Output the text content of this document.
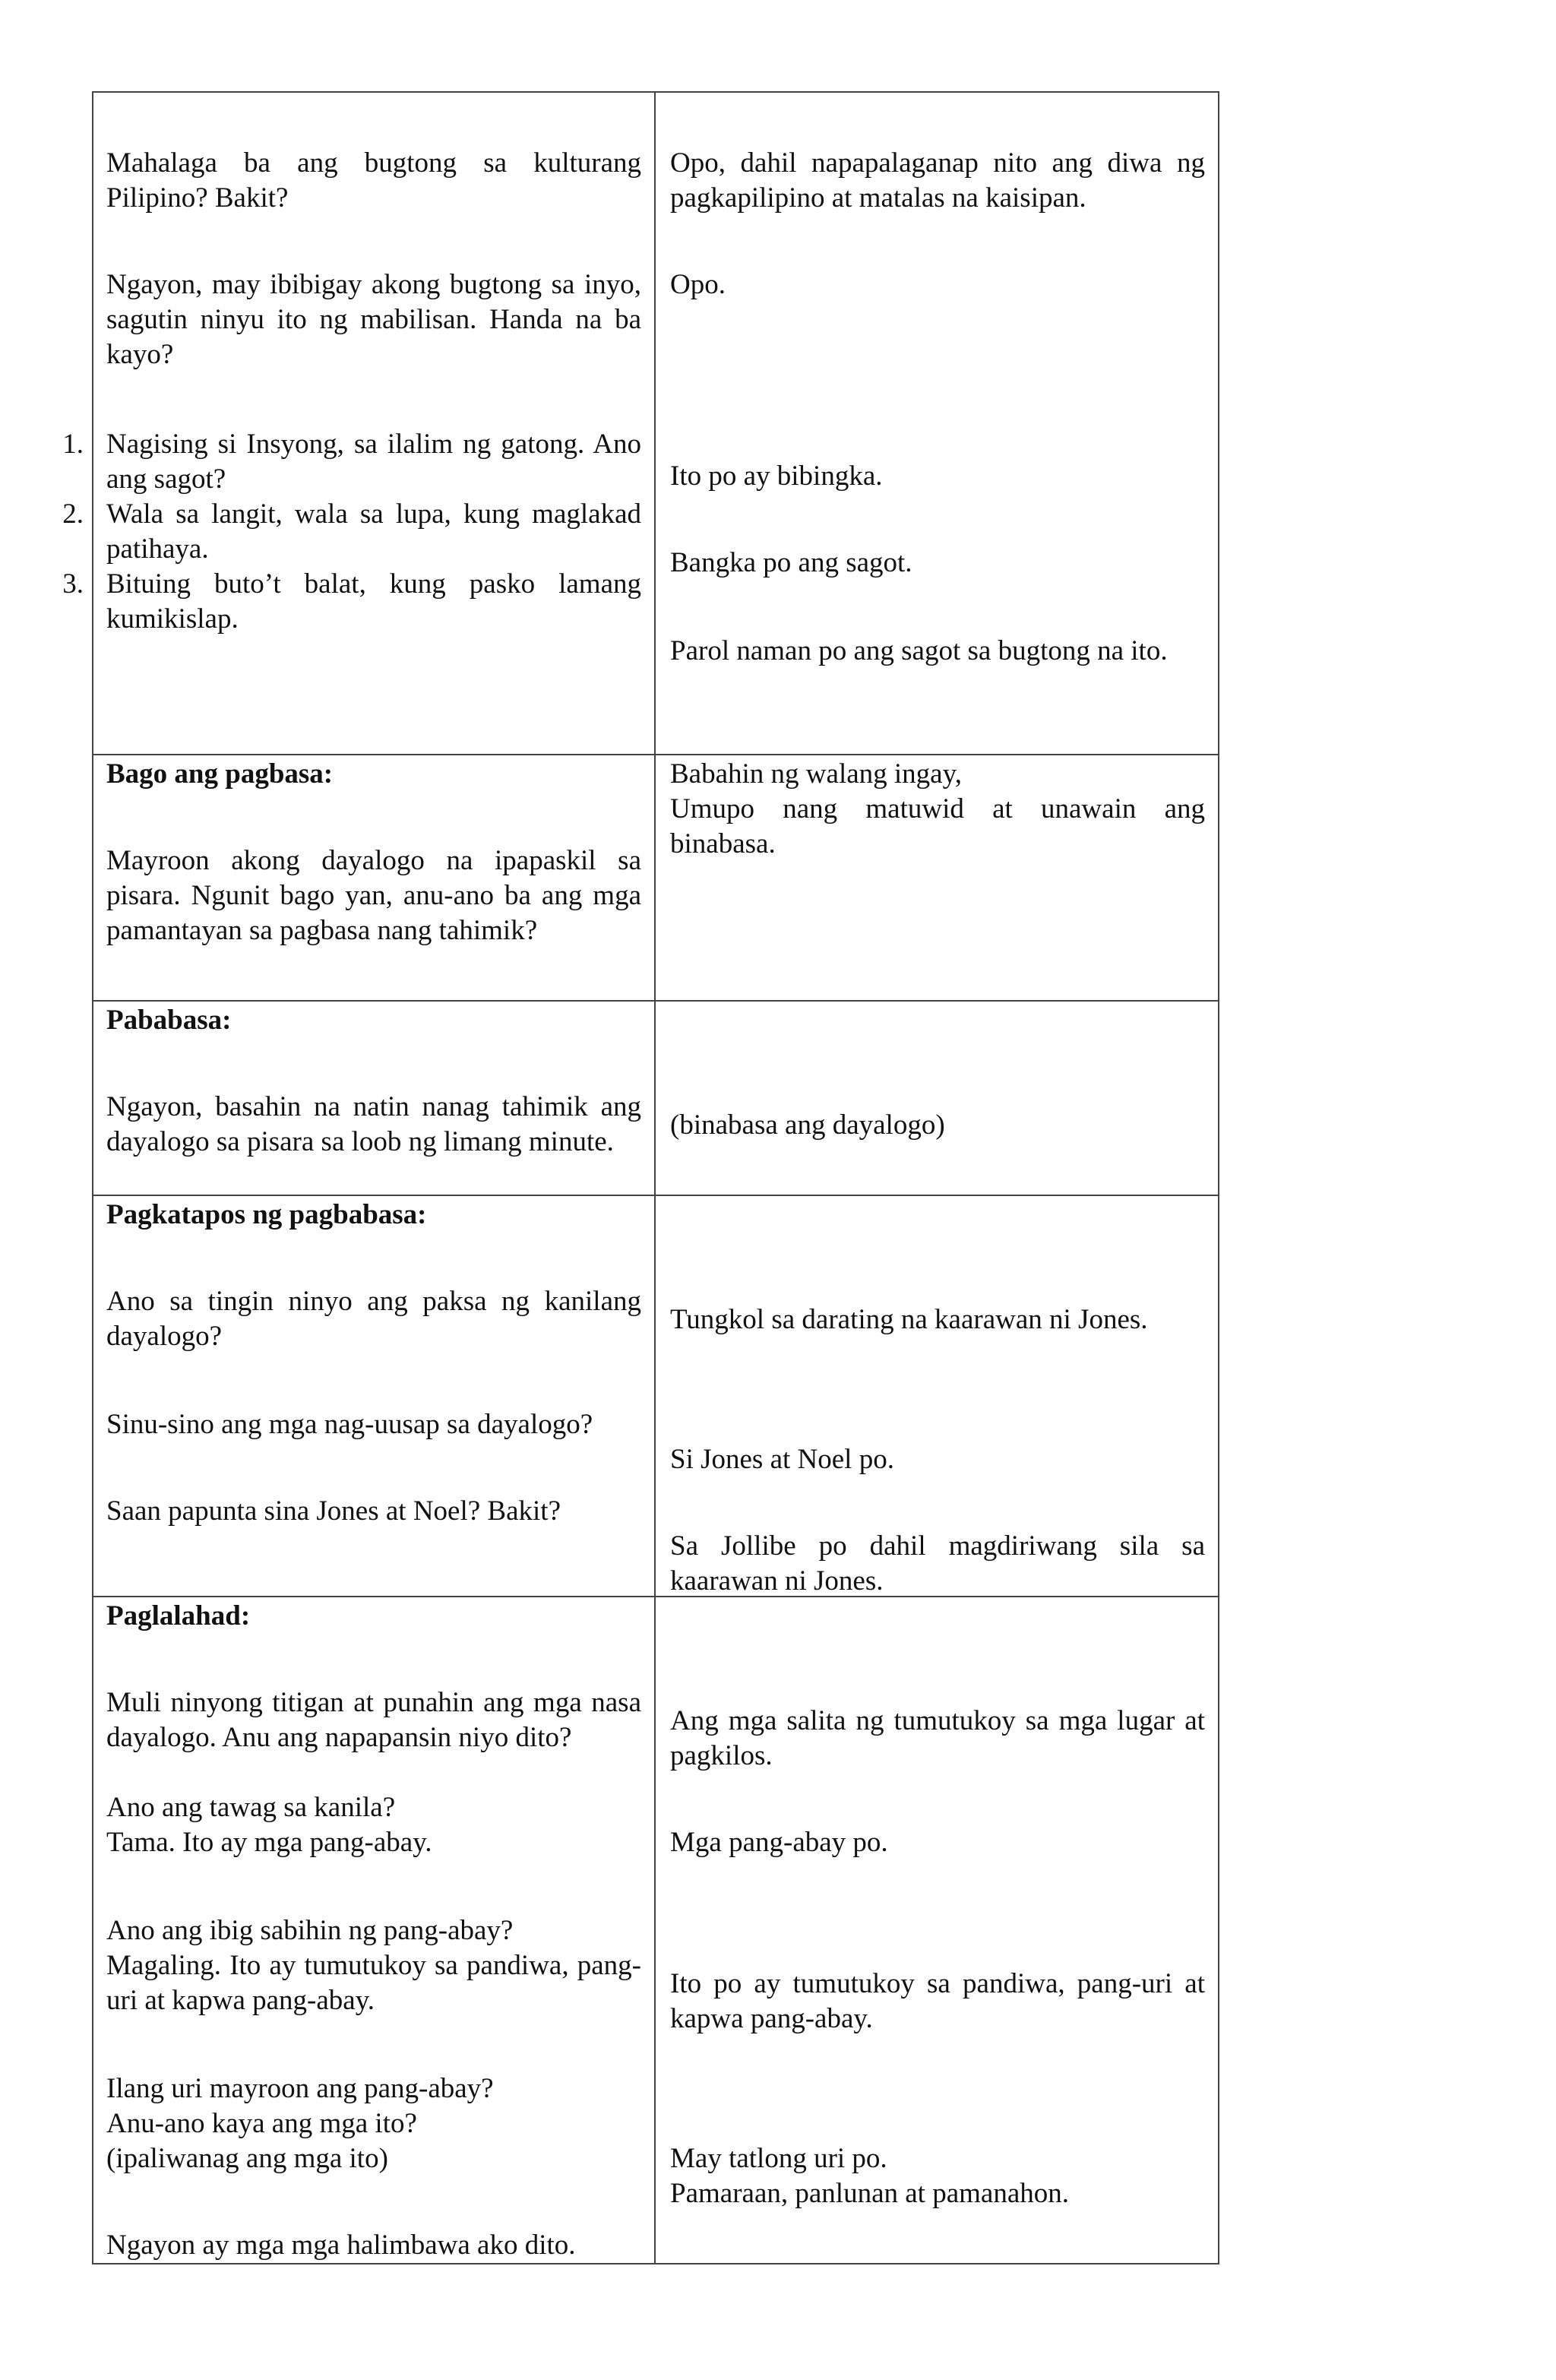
Mahalaga ba ang bugtong sa kulturang Pilipino? Bakit?

Ngayon, may ibibigay akong bugtong sa inyo, sagutin ninyu ito ng mabilisan. Handa na ba kayo?

1 . Nagising si Insyong, sa ilalim ng gatong. Ano ang sagot?

2 . Wala sa langit, wala sa lupa, kung maglakad patihaya.

3 . Bituing buto’t balat, kung pasko lamang kumikislap.

Opo, dahil napapalaganap nito ang diwa ng pagkapilipino at matalas na kaisipan.

Opo.

Ito po ay bibingka.

Bangka po ang sagot.

Parol naman po ang sagot sa bugtong na ito.

Bago ang pagbasa:

Mayroon akong dayalogo na ipapaskil sa pisara. Ngunit bago yan, anu-ano ba ang mga pamantayan sa pagbasa nang tahimik?

Babahin ng walang ingay,

Umupo nang matuwid at unawain ang binabasa.

Pababasa:

Ngayon, basahin na natin nanag tahimik ang dayalogo sa pisara sa loob ng limang minute.

(binabasa ang dayalogo)

Pagkatapos ng pagbabasa:

Ano sa tingin ninyo ang paksa ng kanilang dayalogo?

Sinu-sino ang mga nag-uusap sa dayalogo?

Saan papunta sina Jones at Noel? Bakit?

Tungkol sa darating na kaarawan ni Jones.

Si Jones at Noel po.

Sa Jollibe po dahil magdiriwang sila sa kaarawan ni Jones.

Paglalahad:

Muli ninyong titigan at punahin ang mga nasa dayalogo. Anu ang napapansin niyo dito?

Ano ang tawag sa kanila?

Tama. Ito ay mga pang-abay.

Ano ang ibig sabihin ng pang-abay?

Magaling. Ito ay tumutukoy sa pandiwa, pang-uri at kapwa pang-abay.

Ilang uri mayroon ang pang-abay?

Anu-ano kaya ang mga ito?

(ipaliwanag ang mga ito)

Ngayon ay mga mga halimbawa ako dito.

Ang mga salita ng tumutukoy sa mga lugar at pagkilos.

Mga pang-abay po.

Ito po ay tumutukoy sa pandiwa, pang-uri at kapwa pang-abay.

May tatlong uri po.

Pamaraan, panlunan at pamanahon.
